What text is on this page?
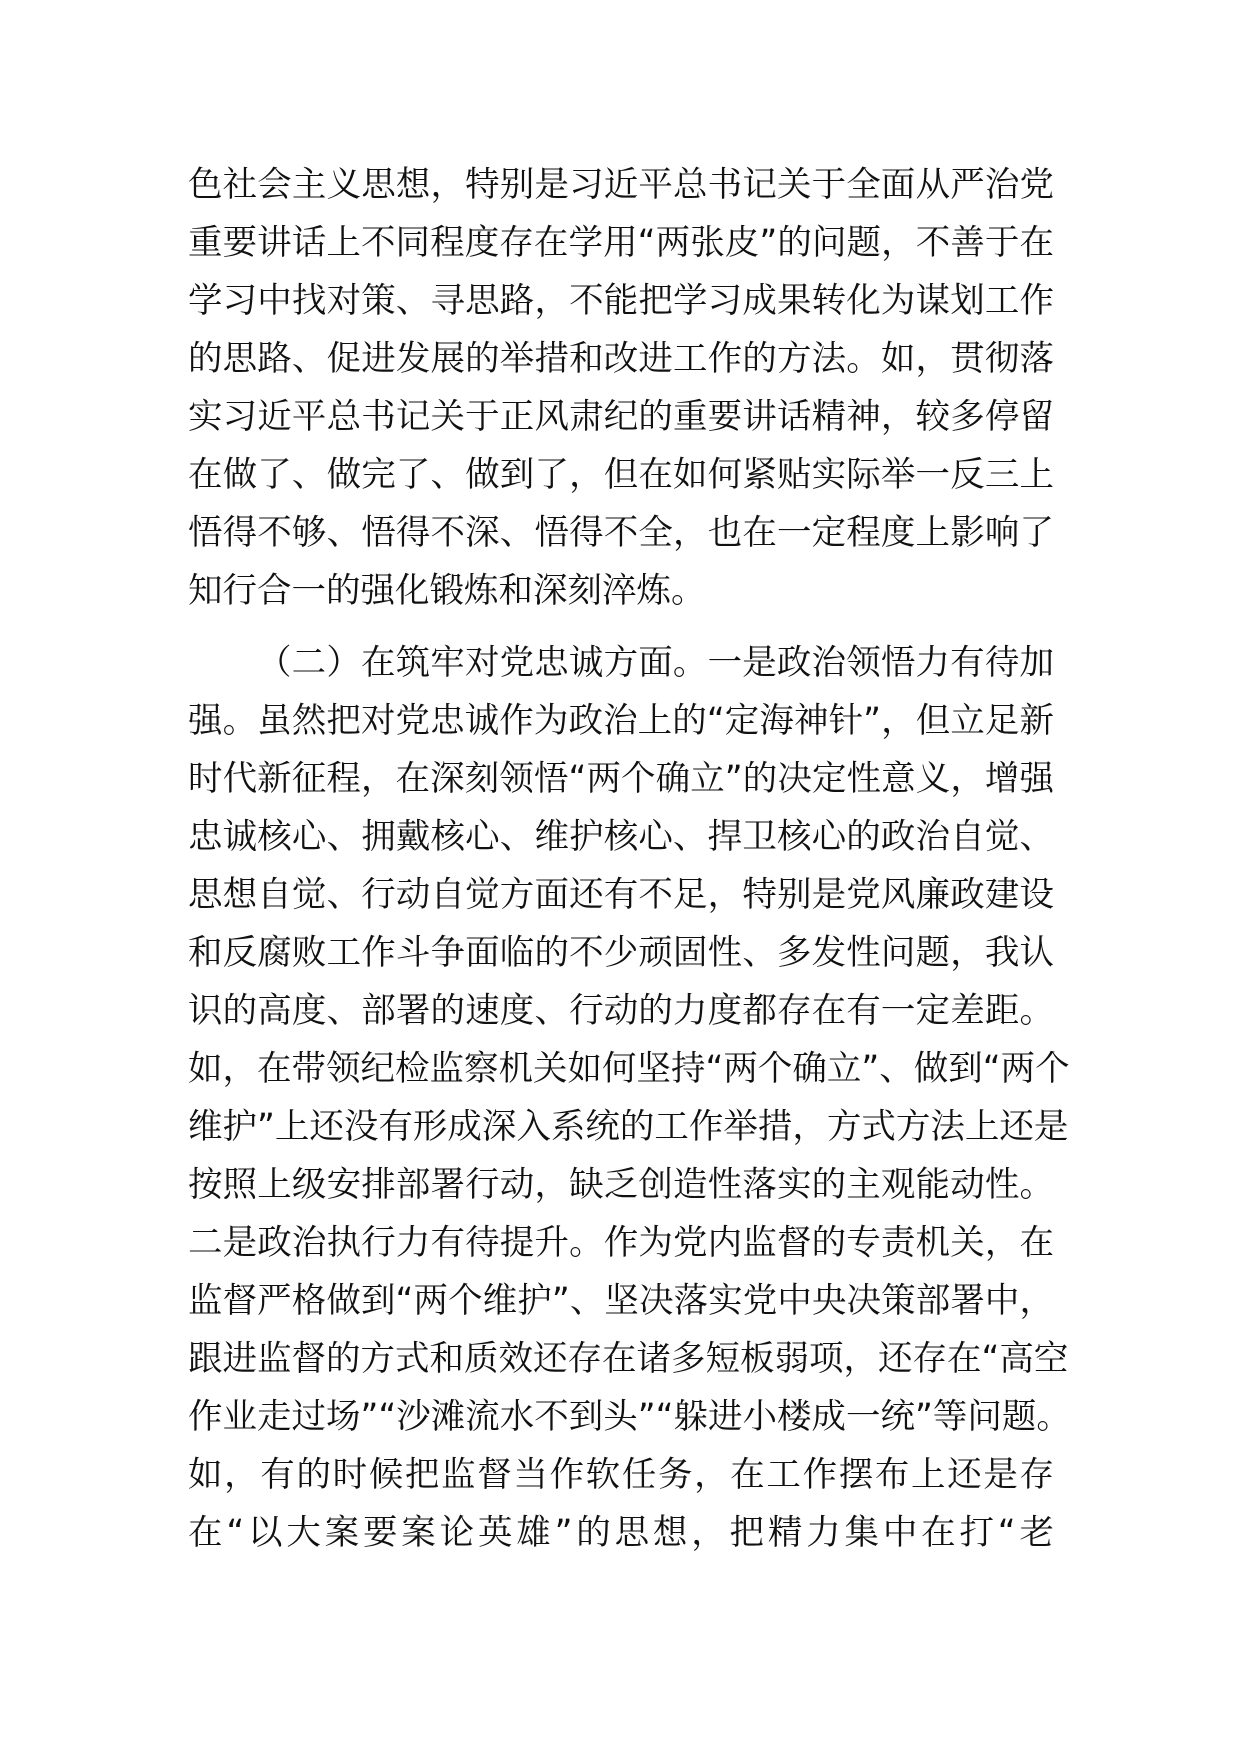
色社会主义思想，特别是习近平总书记关于全面从严治党
重要讲话上不同程度存在学用“两张皮”的问题，不善于在
学习中找对策、寻思路，不能把学习成果转化为谋划工作
的思路、促进发展的举措和改进工作的方法。如，贯彻落
实习近平总书记关于正风肃纪的重要讲话精神，较多停留
在做了、做完了、做到了，但在如何紧贴实际举一反三上
悟得不够、悟得不深、悟得不全，也在一定程度上影响了
知行合一的强化锻炼和深刻淬炼。
（二）在筑牢对党忠诚方面。一是政治领悟力有待加
强。虽然把对党忠诚作为政治上的“定海神针”，但立足新
时代新征程，在深刻领悟“两个确立”的决定性意义，增强
忠诚核心、拥戴核心、维护核心、捍卫核心的政治自觉、
思想自觉、行动自觉方面还有不足，特别是党风廉政建设
和反腐败工作斗争面临的不少顽固性、多发性问题，我认
识的高度、部署的速度、行动的力度都存在有一定差距。
如，在带领纪检监察机关如何坚持“两个确立”、做到“两个
维护”上还没有形成深入系统的工作举措，方式方法上还是
按照上级安排部署行动，缺乏创造性落实的主观能动性。
二是政治执行力有待提升。作为党内监督的专责机关，在
监督严格做到“两个维护”、坚决落实党中央决策部署中，
跟进监督的方式和质效还存在诸多短板弱项，还存在“高空
作业走过场”“沙滩流水不到头”“躲进小楼成一统”等问题。
如，有的时候把监督当作软任务，在工作摆布上还是存
在“以大案要案论英雄”的思想，把精力集中在打“老
